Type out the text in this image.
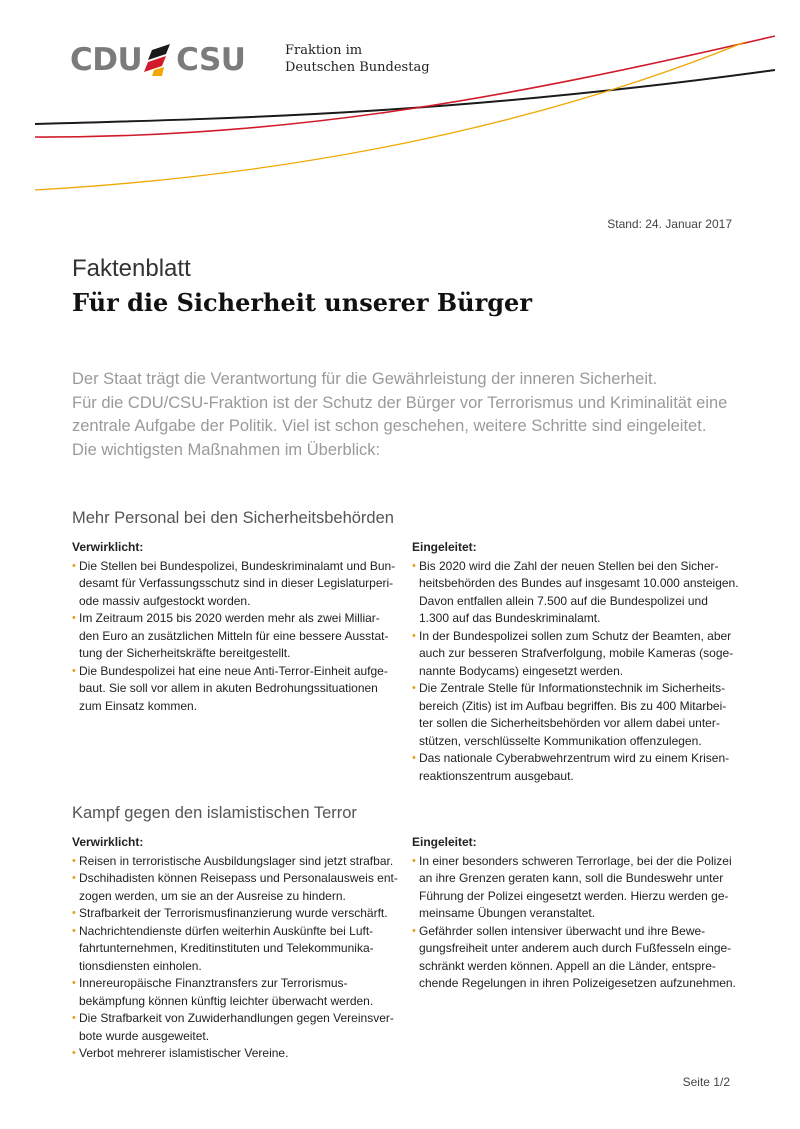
CDU CSU	Fraktion im
Deutschen Bundestag
Stand: 24. Januar 2017
Faktenblatt
Für die Sicherheit unserer Bürger

Der Staat trägt die Verantwortung für die Gewährleistung der inneren Sicherheit.
Für die CDU/CSU-Fraktion ist der Schutz der Bürger vor Terrorismus und Kriminalität eine
zentrale Aufgabe der Politik. Viel ist schon geschehen, weitere Schritte sind eingeleitet.
Die wichtigsten Maßnahmen im Überblick:

Mehr Personal bei den Sicherheitsbehörden
Verwirklicht:
• Die Stellen bei Bundespolizei, Bundeskriminalamt und Bun-
desamt für Verfassungsschutz sind in dieser Legislaturperi-
ode massiv aufgestockt worden.
• Im Zeitraum 2015 bis 2020 werden mehr als zwei Milliar-
den Euro an zusätzlichen Mitteln für eine bessere Ausstat-
tung der Sicherheitskräfte bereitgestellt.
• Die Bundespolizei hat eine neue Anti-Terror-Einheit aufge-
baut. Sie soll vor allem in akuten Bedrohungssituationen
zum Einsatz kommen.
Eingeleitet:
• Bis 2020 wird die Zahl der neuen Stellen bei den Sicher-
heitsbehörden des Bundes auf insgesamt 10.000 ansteigen.
Davon entfallen allein 7.500 auf die Bundespolizei und
1.300 auf das Bundeskriminalamt.
• In der Bundespolizei sollen zum Schutz der Beamten, aber
auch zur besseren Strafverfolgung, mobile Kameras (soge-
nannte Bodycams) eingesetzt werden.
• Die Zentrale Stelle für Informationstechnik im Sicherheits-
bereich (Zitis) ist im Aufbau begriffen. Bis zu 400 Mitarbei-
ter sollen die Sicherheitsbehörden vor allem dabei unter-
stützen, verschlüsselte Kommunikation offenzulegen.
• Das nationale Cyberabwehrzentrum wird zu einem Krisen-
reaktionszentrum ausgebaut.
Kampf gegen den islamistischen Terror
Verwirklicht:
• Reisen in terroristische Ausbildungslager sind jetzt strafbar.
• Dschihadisten können Reisepass und Personalausweis ent-
zogen werden, um sie an der Ausreise zu hindern.
• Strafbarkeit der Terrorismusfinanzierung wurde verschärft.
• Nachrichtendienste dürfen weiterhin Auskünfte bei Luft-
fahrtunternehmen, Kreditinstituten und Telekommunika-
tionsdiensten einholen.
• Innereuropäische Finanztransfers zur Terrorismus-
bekämpfung können künftig leichter überwacht werden.
• Die Strafbarkeit von Zuwiderhandlungen gegen Vereinsver-
bote wurde ausgeweitet.
• Verbot mehrerer islamistischer Vereine.
Eingeleitet:
• In einer besonders schweren Terrorlage, bei der die Polizei
an ihre Grenzen geraten kann, soll die Bundeswehr unter
Führung der Polizei eingesetzt werden. Hierzu werden ge-
meinsame Übungen veranstaltet.
• Gefährder sollen intensiver überwacht und ihre Bewe-
gungsfreiheit unter anderem auch durch Fußfesseln einge-
schränkt werden können. Appell an die Länder, entspre-
chende Regelungen in ihren Polizeigesetzen aufzunehmen.
Seite 1/2
